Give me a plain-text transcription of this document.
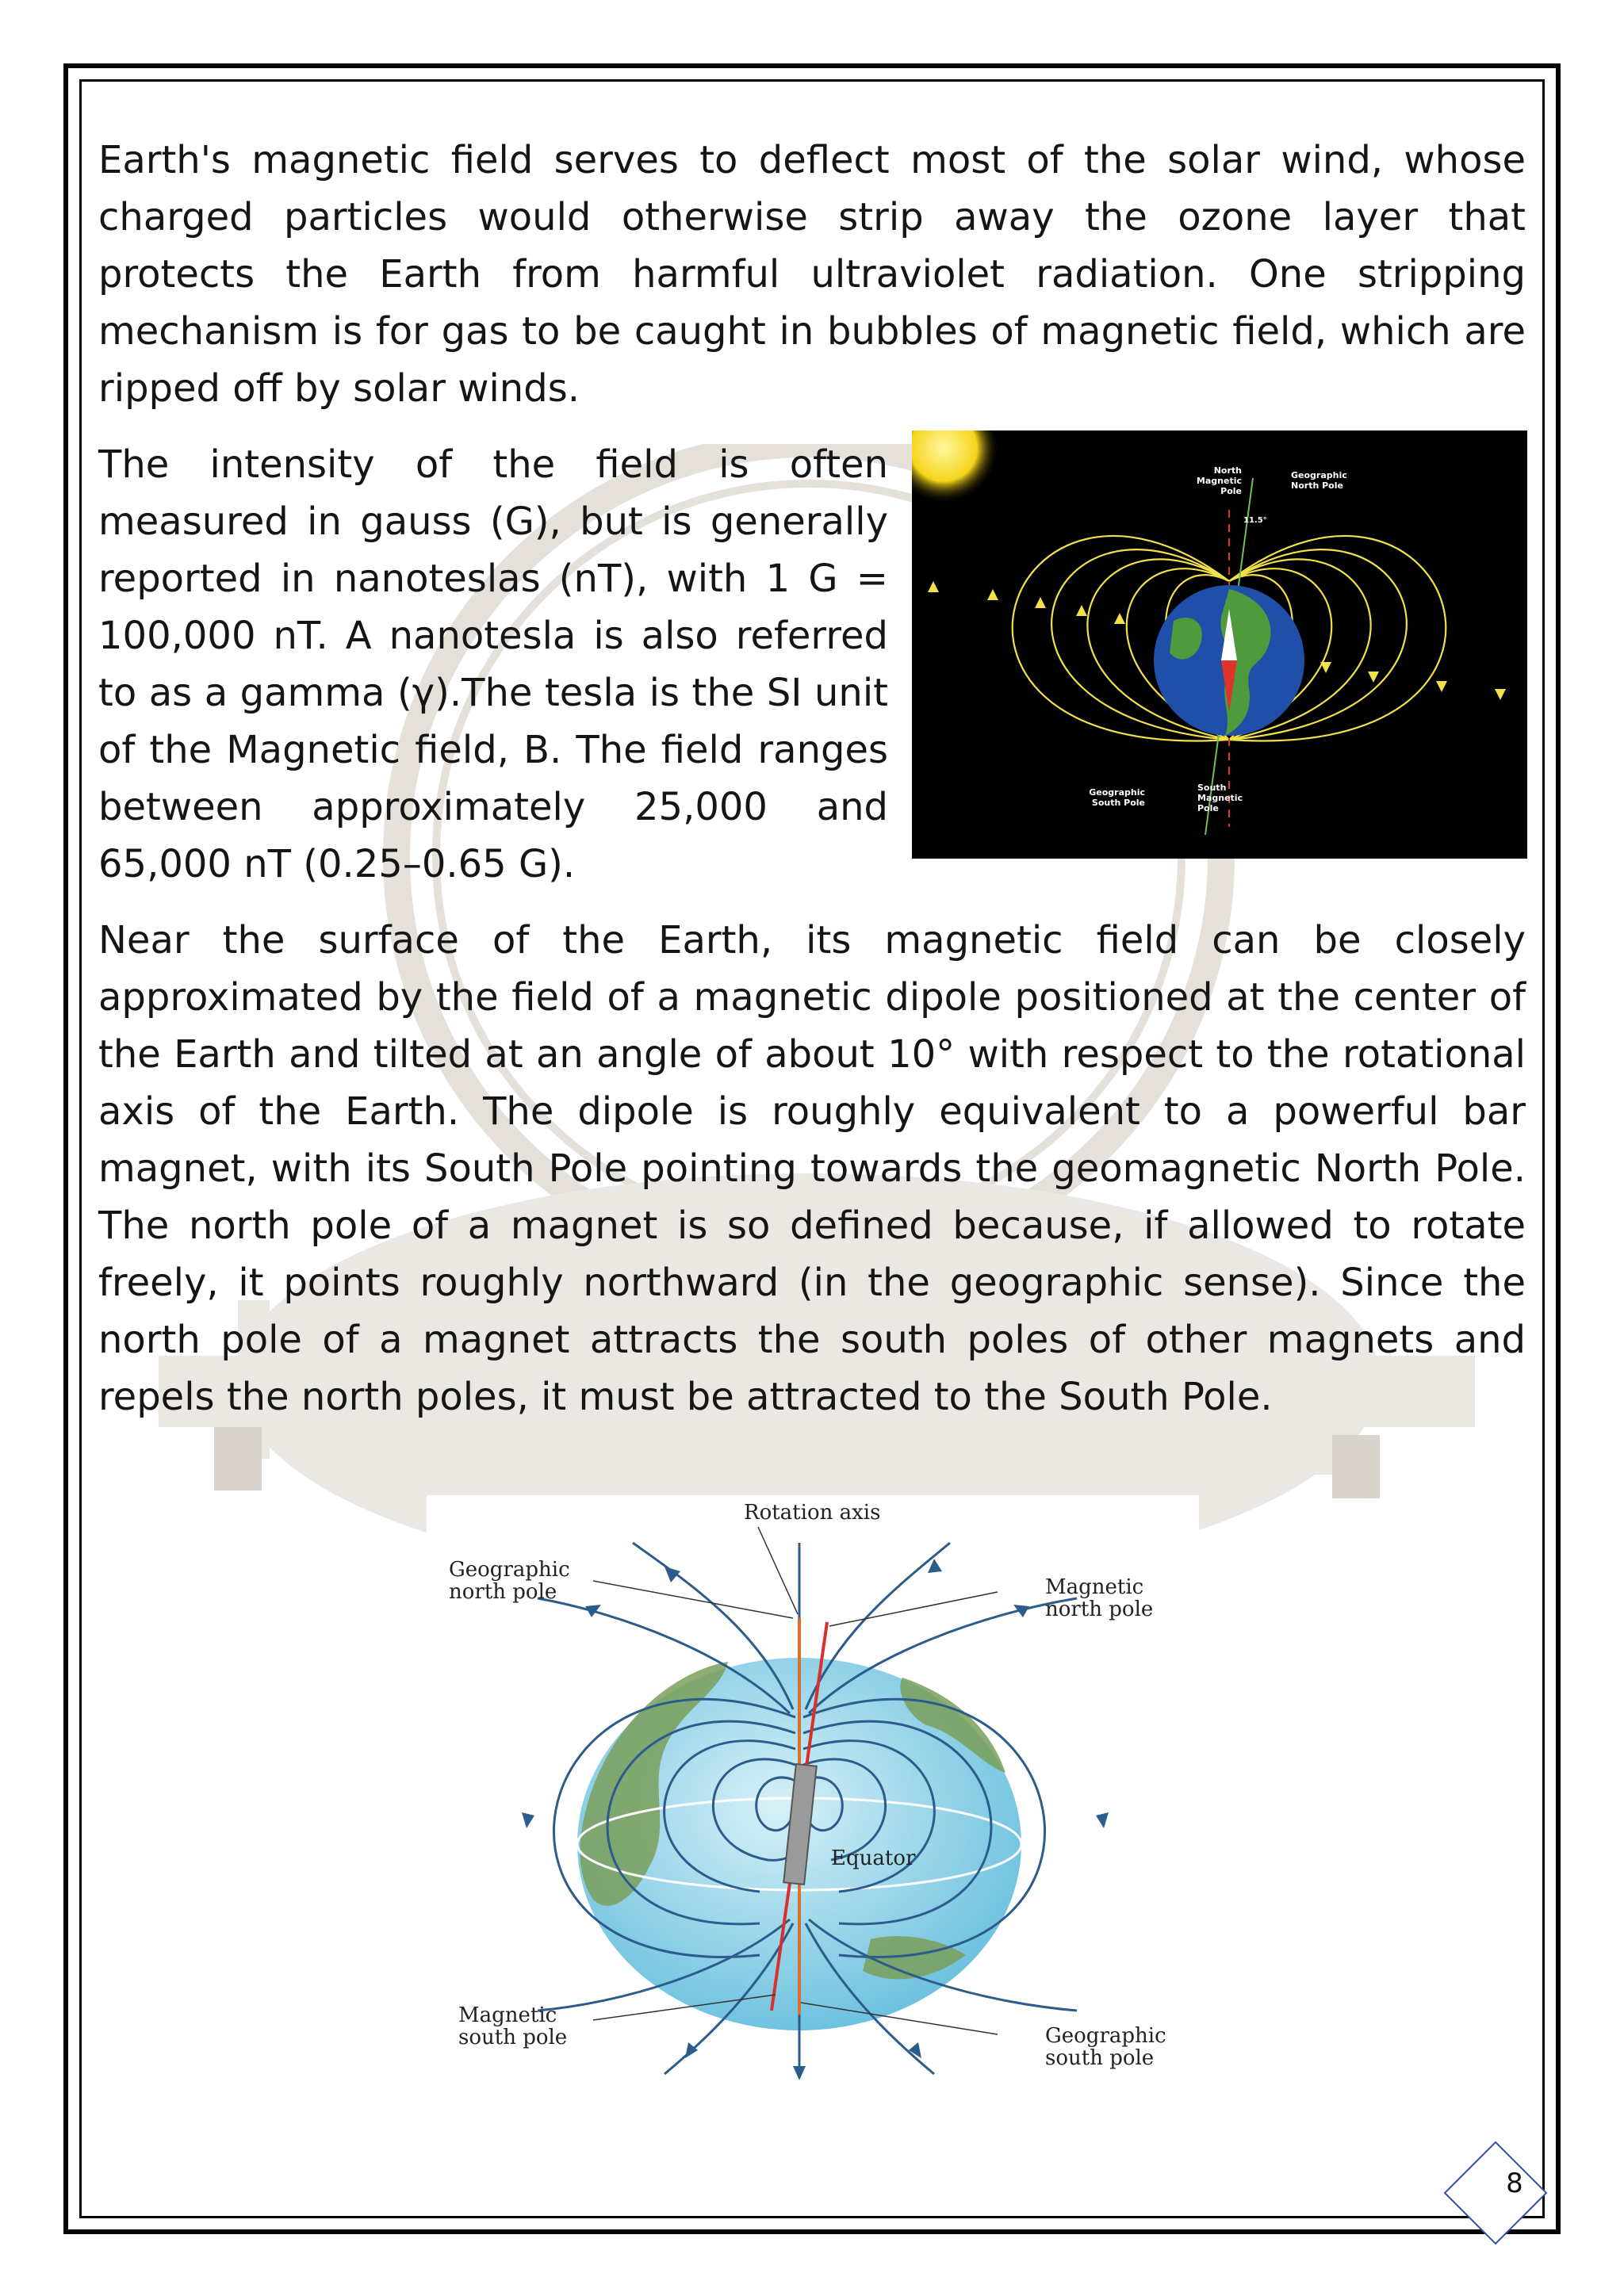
Earth's magnetic field serves to deflect most of the solar wind, whose charged particles would otherwise strip away the ozone layer that protects the Earth from harmful ultraviolet radiation. One stripping mechanism is for gas to be caught in bubbles of magnetic field, which are ripped off by solar winds.

The intensity of the field is often measured in gauss (G), but is generally reported in nanoteslas (nT), with 1 G = 100,000 nT. A nanotesla is also referred to as a gamma (γ).The tesla is the SI unit of the Magnetic field, B. The field ranges between approximately 25,000 and 65,000 nT (0.25–0.65 G).

Near the surface of the Earth, its magnetic field can be closely approximated by the field of a magnetic dipole positioned at the center of the Earth and tilted at an angle of about 10° with respect to the rotational axis of the Earth. The dipole is roughly equivalent to a powerful bar magnet, with its South Pole pointing towards the geomagnetic North Pole. The north pole of a magnet is so defined because, if allowed to rotate freely, it points roughly northward (in the geographic sense). Since the north pole of a magnet attracts the south poles of other magnets and repels the north poles, it must be attracted to the South Pole.

North
Magnetic
Pole
Geographic
North Pole
11.5°
Geographic
South Pole
South
Magnetic
Pole
Rotation axis
Geographic
north pole	Magnetic
north pole
Equator
Magnetic
south pole	Geographic
south pole
8
